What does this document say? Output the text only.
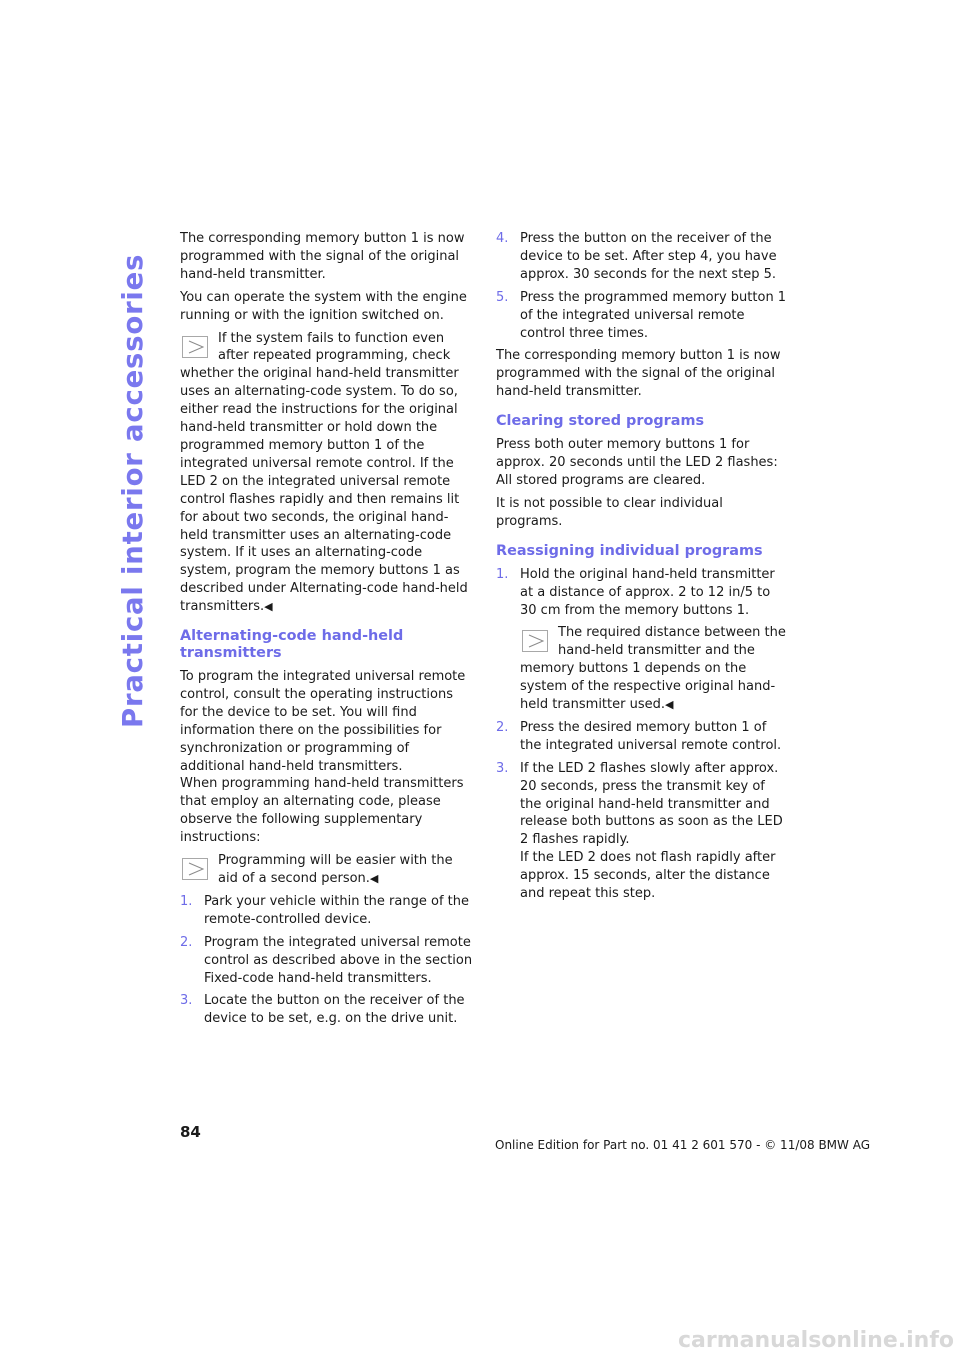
Practical interior accessories

The corresponding memory button 1 is now programmed with the signal of the original hand-held transmitter.

You can operate the system with the engine running or with the ignition switched on.

If the system fails to function even after repeated programming, check whether the original hand-held transmitter uses an alternating-code system. To do so, either read the instructions for the original hand-held transmitter or hold down the programmed memory button 1 of the integrated universal remote control. If the LED 2 on the integrated universal remote control flashes rapidly and then remains lit for about two seconds, the original hand-held transmitter uses an alternating-code system. If it uses an alternating-code system, program the memory buttons 1 as described under Alternating-code hand-held transmitters.◀
Alternating-code hand-held transmitters

To program the integrated universal remote control, consult the operating instructions for the device to be set. You will find information there on the possibilities for synchronization or programming of additional hand-held transmitters.

When programming hand-held transmitters that employ an alternating code, please observe the following supplementary instructions:

Programming will be easier with the aid of a second person.◀
1. Park your vehicle within the range of the remote-controlled device.
2. Program the integrated universal remote control as described above in the section Fixed-code hand-held transmitters.
3. Locate the button on the receiver of the device to be set, e.g. on the drive unit.
4. Press the button on the receiver of the device to be set. After step 4, you have approx. 30 seconds for the next step 5.
5. Press the programmed memory button 1 of the integrated universal remote control three times.

The corresponding memory button 1 is now programmed with the signal of the original hand-held transmitter.

Clearing stored programs

Press both outer memory buttons 1 for approx. 20 seconds until the LED 2 flashes: All stored programs are cleared.

It is not possible to clear individual programs.

Reassigning individual programs
1. Hold the original hand-held transmitter at a distance of approx. 2 to 12 in/5 to 30 cm from the memory buttons 1.
The required distance between the hand-held transmitter and the memory buttons 1 depends on the system of the respective original hand-held transmitter used.◀
2. Press the desired memory button 1 of the integrated universal remote control.
3. If the LED 2 flashes slowly after approx. 20 seconds, press the transmit key of the original hand-held transmitter and release both buttons as soon as the LED 2 flashes rapidly.
If the LED 2 does not flash rapidly after approx. 15 seconds, alter the distance and repeat this step.
84
Online Edition for Part no. 01 41 2 601 570 - © 11/08 BMW AG
carmanualsonline.info
